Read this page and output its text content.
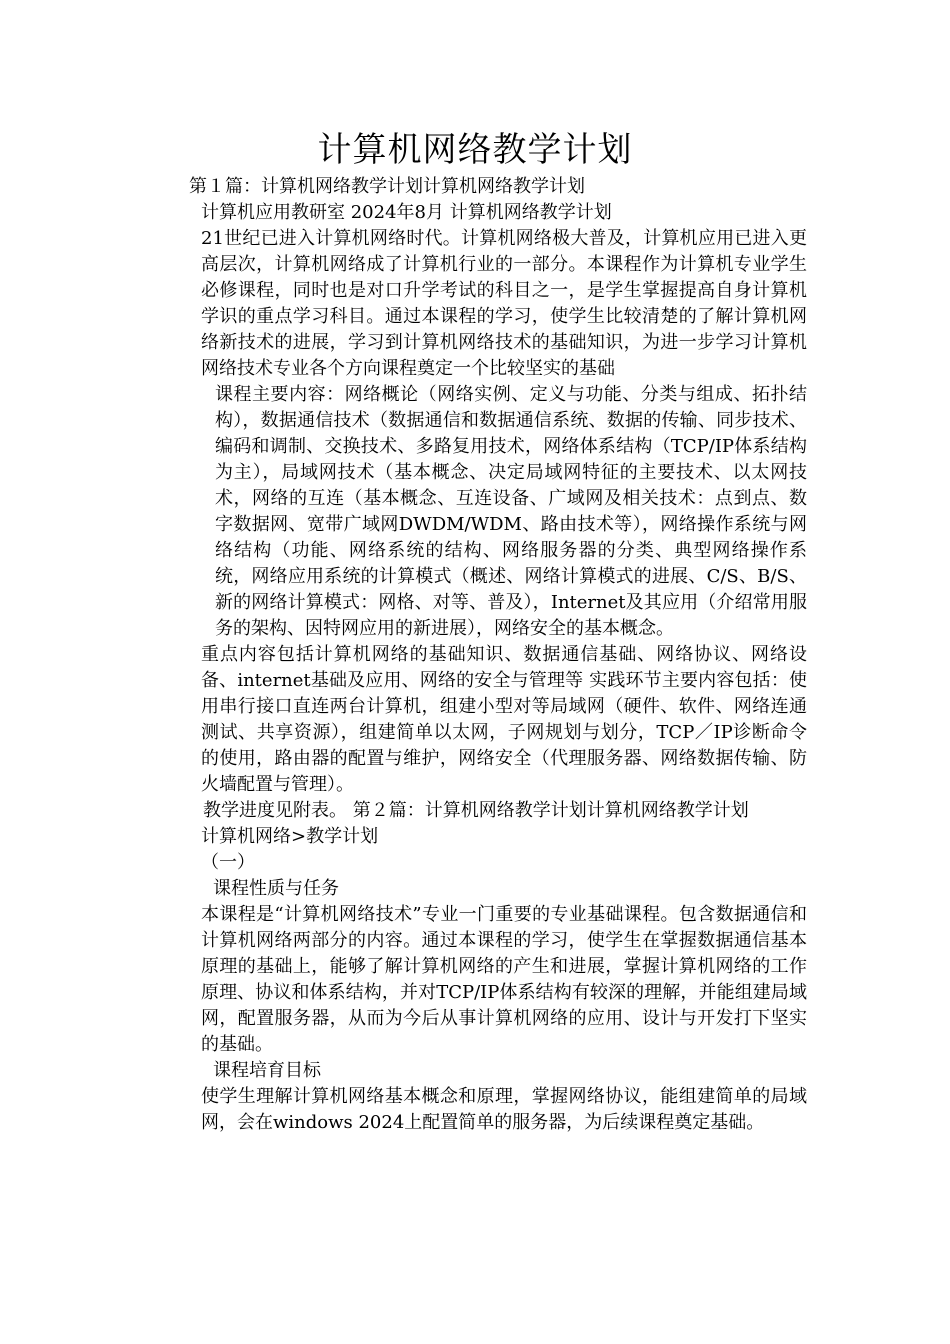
计算机网络教学计划

第１篇：计算机网络教学计划计算机网络教学计划

计算机应用教研室 2024年8月 计算机网络教学计划

21世纪已进入计算机网络时代。计算机网络极大普及，计算机应用已进入更高层次，计算机网络成了计算机行业的一部分。本课程作为计算机专业学生必修课程，同时也是对口升学考试的科目之一，是学生掌握提高自身计算机学识的重点学习科目。通过本课程的学习，使学生比较清楚的了解计算机网络新技术的进展，学习到计算机网络技术的基础知识，为进一步学习计算机网络技术专业各个方向课程奠定一个比较坚实的基础

课程主要内容：网络概论（网络实例、定义与功能、分类与组成、拓扑结构），数据通信技术（数据通信和数据通信系统、数据的传输、同步技术、编码和调制、交换技术、多路复用技术，网络体系结构（TCP/IP体系结构为主），局域网技术（基本概念、决定局域网特征的主要技术、以太网技术，网络的互连（基本概念、互连设备、广域网及相关技术：点到点、数字数据网、宽带广域网DWDM/WDM、路由技术等），网络操作系统与网络结构（功能、网络系统的结构、网络服务器的分类、典型网络操作系统，网络应用系统的计算模式（概述、网络计算模式的进展、C/S、B/S、新的网络计算模式：网格、对等、普及），Internet及其应用（介绍常用服务的架构、因特网应用的新进展），网络安全的基本概念。

重点内容包括计算机网络的基础知识、数据通信基础、网络协议、网络设备、internet基础及应用、网络的安全与管理等 实践环节主要内容包括：使用串行接口直连两台计算机，组建小型对等局域网（硬件、软件、网络连通测试、共享资源），组建简单以太网，子网规划与划分，TCP／IP诊断命令的使用，路由器的配置与维护，网络安全（代理服务器、网络数据传输、防火墙配置与管理）。

教学进度见附表。 第２篇：计算机网络教学计划计算机网络教学计划

计算机网络>教学计划

（一）

课程性质与任务

本课程是“计算机网络技术”专业一门重要的专业基础课程。包含数据通信和计算机网络两部分的内容。通过本课程的学习，使学生在掌握数据通信基本原理的基础上，能够了解计算机网络的产生和进展，掌握计算机网络的工作原理、协议和体系结构，并对TCP/IP体系结构有较深的理解，并能组建局域网，配置服务器，从而为今后从事计算机网络的应用、设计与开发打下坚实的基础。

课程培育目标

使学生理解计算机网络基本概念和原理，掌握网络协议，能组建简单的局域网，会在windows 2024上配置简单的服务器，为后续课程奠定基础。
